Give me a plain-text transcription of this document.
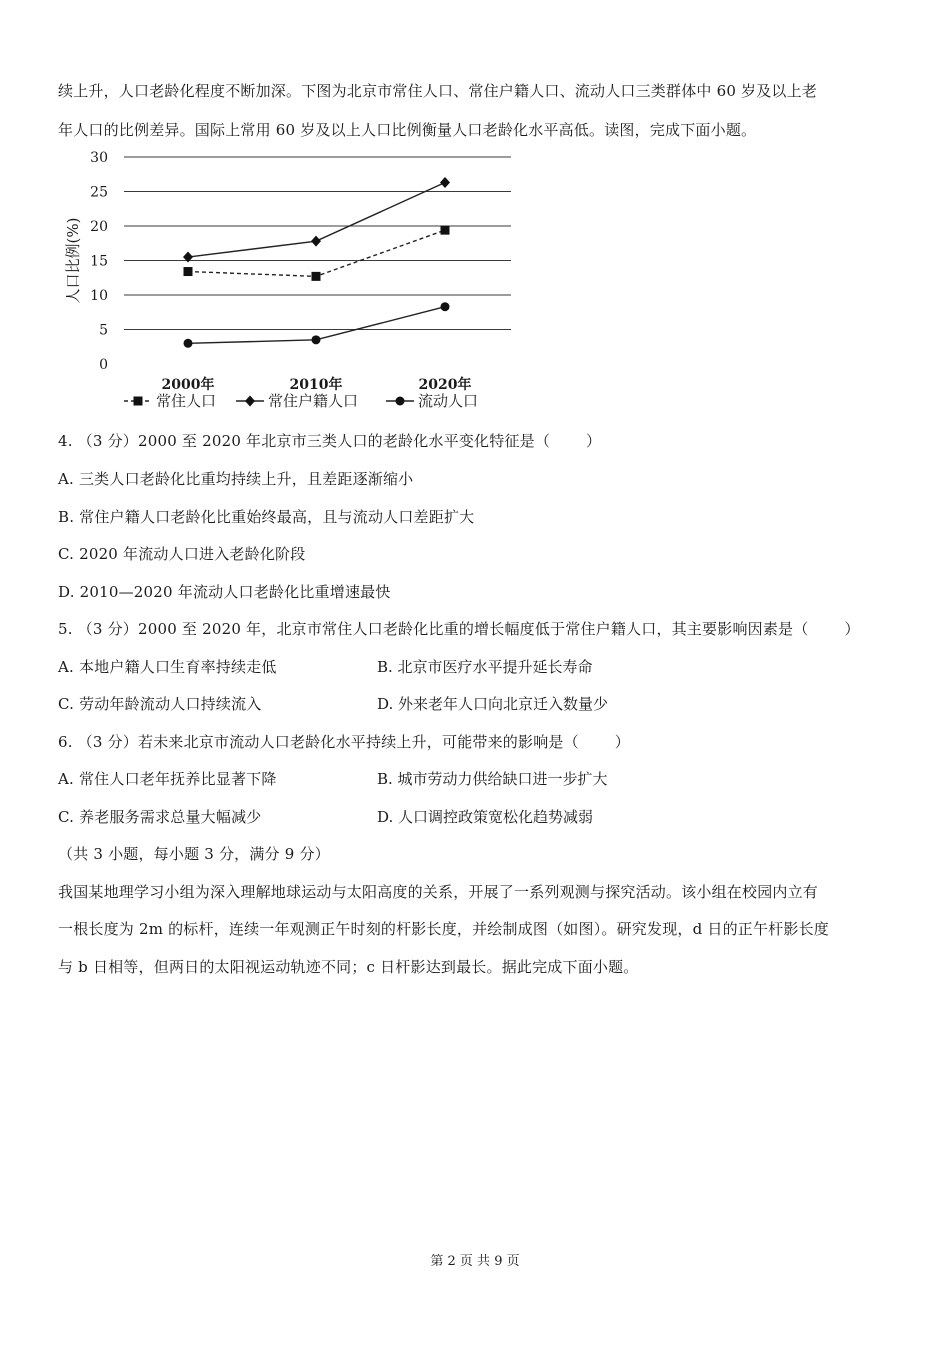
续上升，人口老龄化程度不断加深。下图为北京市常住人口、常住户籍人口、流动人口三类群体中 60 岁及以上老
年人口的比例差异。国际上常用 60 岁及以上人口比例衡量人口老龄化水平高低。读图，完成下面小题。
0
5
10
15
20
25
30
人口比例(%)
2000年	2010年	2020年
常住人口	常住户籍人口	流动人口
4. （3 分）2000 至 2020 年北京市三类人口的老龄化水平变化特征是（ ）
A. 三类人口老龄化比重均持续上升，且差距逐渐缩小
B. 常住户籍人口老龄化比重始终最高，且与流动人口差距扩大
C. 2020 年流动人口进入老龄化阶段
D. 2010—2020 年流动人口老龄化比重增速最快
5. （3 分）2000 至 2020 年，北京市常住人口老龄化比重的增长幅度低于常住户籍人口，其主要影响因素是（ ）
A. 本地户籍人口生育率持续走低	B. 北京市医疗水平提升延长寿命
C. 劳动年龄流动人口持续流入	D. 外来老年人口向北京迁入数量少
6. （3 分）若未来北京市流动人口老龄化水平持续上升，可能带来的影响是（ ）
A. 常住人口老年抚养比显著下降	B. 城市劳动力供给缺口进一步扩大
C. 养老服务需求总量大幅减少	D. 人口调控政策宽松化趋势减弱
（共 3 小题，每小题 3 分，满分 9 分）
我国某地理学习小组为深入理解地球运动与太阳高度的关系，开展了一系列观测与探究活动。该小组在校园内立有
一根长度为 2m 的标杆，连续一年观测正午时刻的杆影长度，并绘制成图（如图）。研究发现，d 日的正午杆影长度
与 b 日相等，但两日的太阳视运动轨迹不同；c 日杆影达到最长。据此完成下面小题。
第 2 页 共 9 页
